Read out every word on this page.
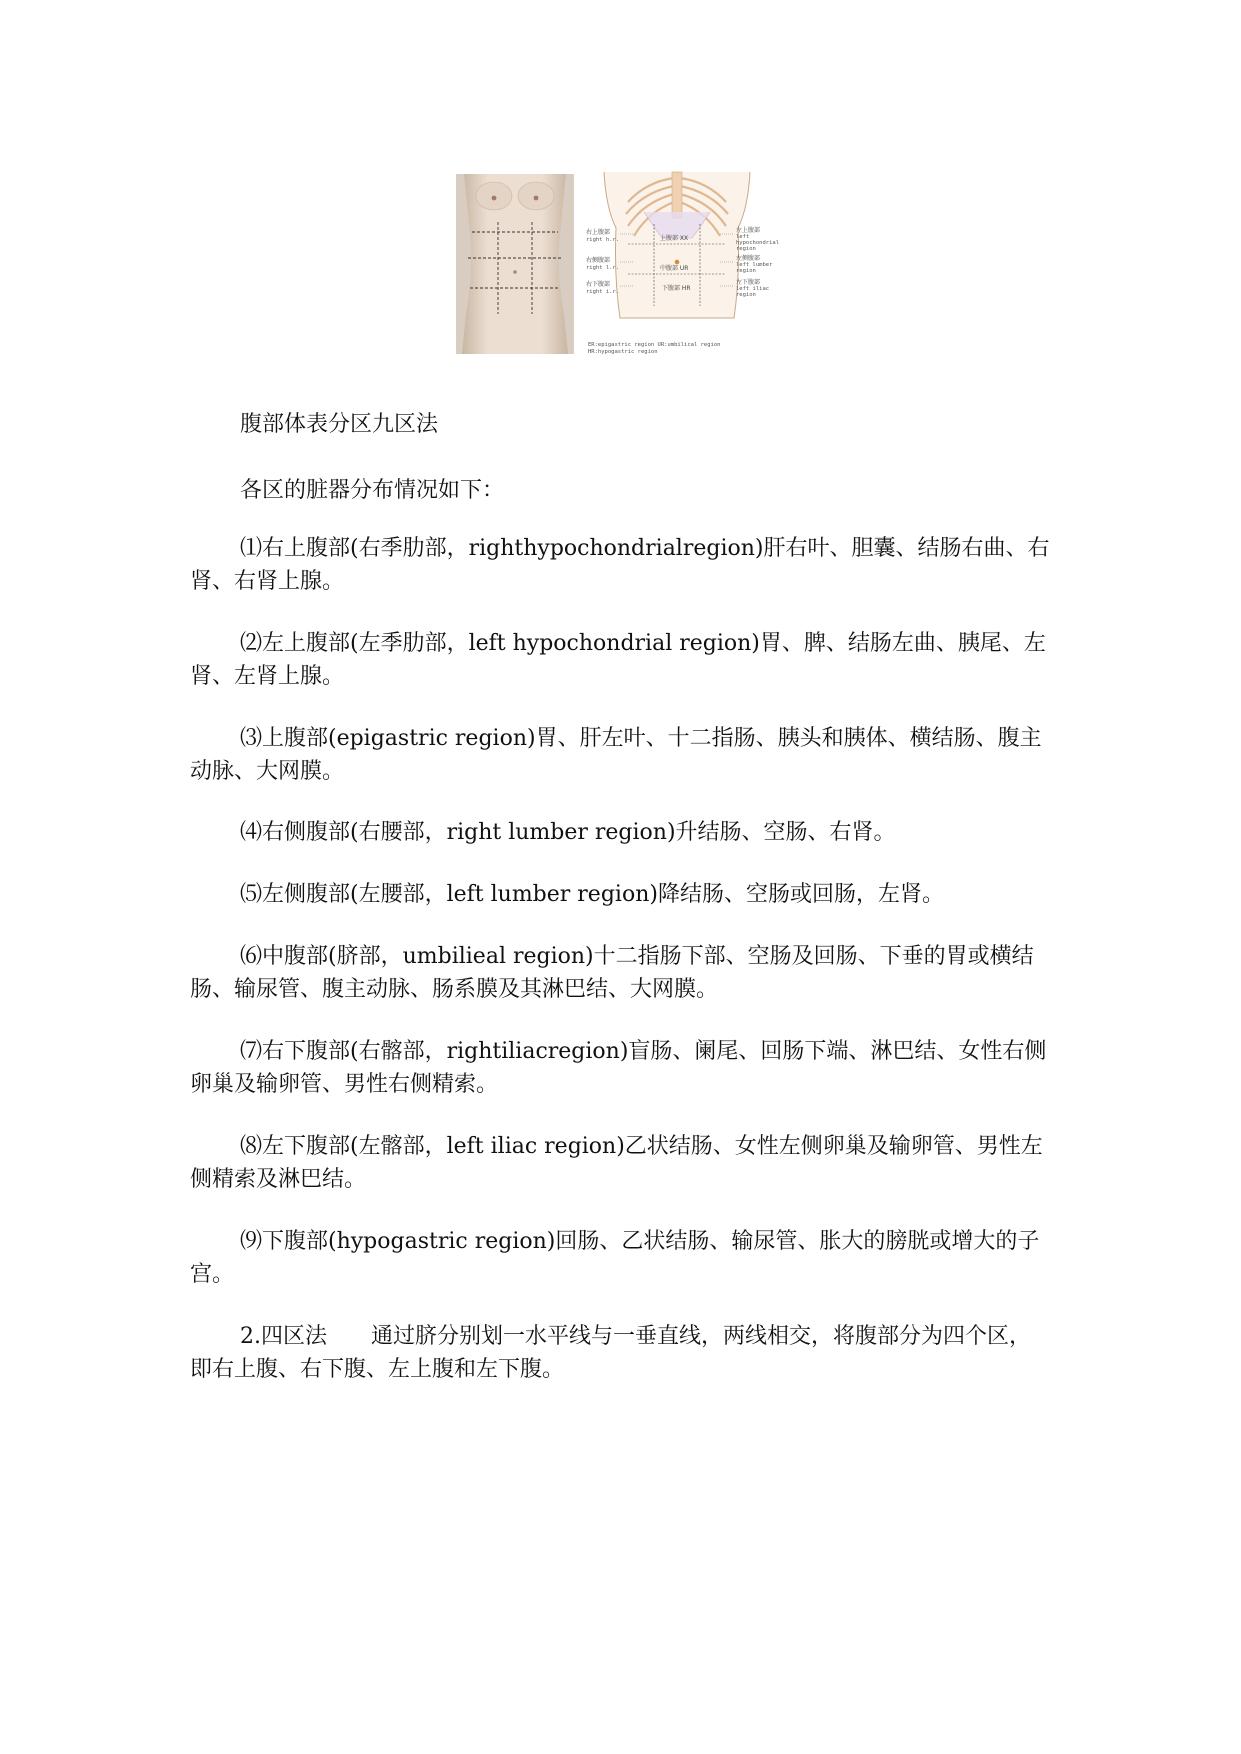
右上腹部
right h.r.	上腹部 XX
左上腹部
left
hypochondrial
region
右侧腹部
right l.r.	中腹部 UR
左侧腹部
left lumber
region
右下腹部
right i.r.	下腹部 HR
左下腹部
left iliac
region
ER:epigastric region UR:umbilical region
HR:hypogastric region

腹部体表分区九区法

各区的脏器分布情况如下：

⑴右上腹部(右季肋部，righthypochondrialregion)肝右叶、胆囊、结肠右曲、右肾、右肾上腺。

⑵左上腹部(左季肋部，left hypochondrial region)胃、脾、结肠左曲、胰尾、左肾、左肾上腺。

⑶上腹部(epigastric region)胃、肝左叶、十二指肠、胰头和胰体、横结肠、腹主动脉、大网膜。

⑷右侧腹部(右腰部，right lumber region)升结肠、空肠、右肾。

⑸左侧腹部(左腰部，left lumber region)降结肠、空肠或回肠，左肾。

⑹中腹部(脐部，umbilieal region)十二指肠下部、空肠及回肠、下垂的胃或横结肠、输尿管、腹主动脉、肠系膜及其淋巴结、大网膜。

⑺右下腹部(右髂部，rightiliacregion)盲肠、阑尾、回肠下端、淋巴结、女性右侧卵巢及输卵管、男性右侧精索。

⑻左下腹部(左髂部，left iliac region)乙状结肠、女性左侧卵巢及输卵管、男性左侧精索及淋巴结。

⑼下腹部(hypogastric region)回肠、乙状结肠、输尿管、胀大的膀胱或增大的子宫。

2.四区法　　通过脐分别划一水平线与一垂直线，两线相交，将腹部分为四个区，即右上腹、右下腹、左上腹和左下腹。
